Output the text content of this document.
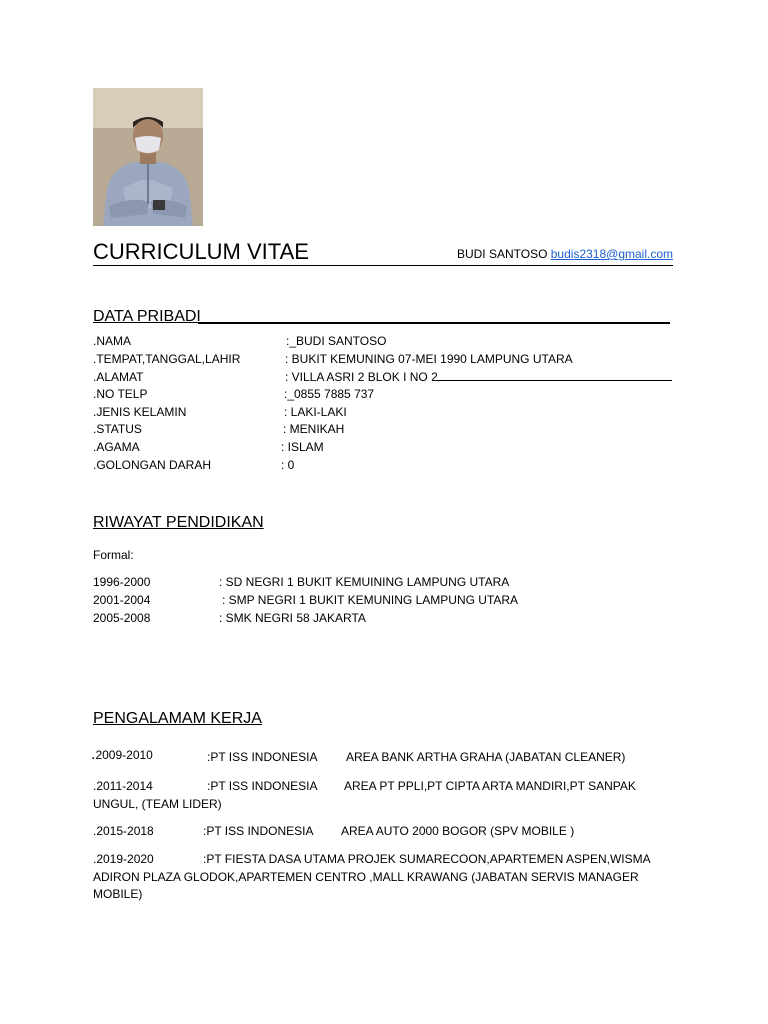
CURRICULUM VITAE	BUDI SANTOSO budis2318@gmail.com
DATA PRIBADI
.NAMA	:_BUDI SANTOSO
.TEMPAT,TANGGAL,LAHIR	: BUKIT KEMUNING 07-MEI 1990 LAMPUNG UTARA
.ALAMAT	: VILLA ASRI 2 BLOK I NO 2
.NO TELP	:_0855 7885 737
.JENIS KELAMIN	: LAKI-LAKI
.STATUS	: MENIKAH
.AGAMA	: ISLAM
.GOLONGAN DARAH	: 0
RIWAYAT PENDIDIKAN
Formal:
1996-2000	: SD NEGRI 1 BUKIT KEMUINING LAMPUNG UTARA
2001-2004	: SMP NEGRI 1 BUKIT KEMUNING LAMPUNG UTARA
2005-2008	: SMK NEGRI 58 JAKARTA
PENGALAMAM KERJA
.2009-2010	:PT ISS INDONESIA AREA BANK ARTHA GRAHA (JABATAN CLEANER)
.2011-2014	:PT ISS INDONESIA AREA PT PPLI,PT CIPTA ARTA MANDIRI,PT SANPAK
UNGUL, (TEAM LIDER)
.2015-2018	:PT ISS INDONESIA AREA AUTO 2000 BOGOR (SPV MOBILE )
.2019-2020	:PT FIESTA DASA UTAMA PROJEK SUMARECOON,APARTEMEN ASPEN,WISMA
ADIRON PLAZA GLODOK,APARTEMEN CENTRO ,MALL KRAWANG (JABATAN SERVIS MANAGER
MOBILE)
